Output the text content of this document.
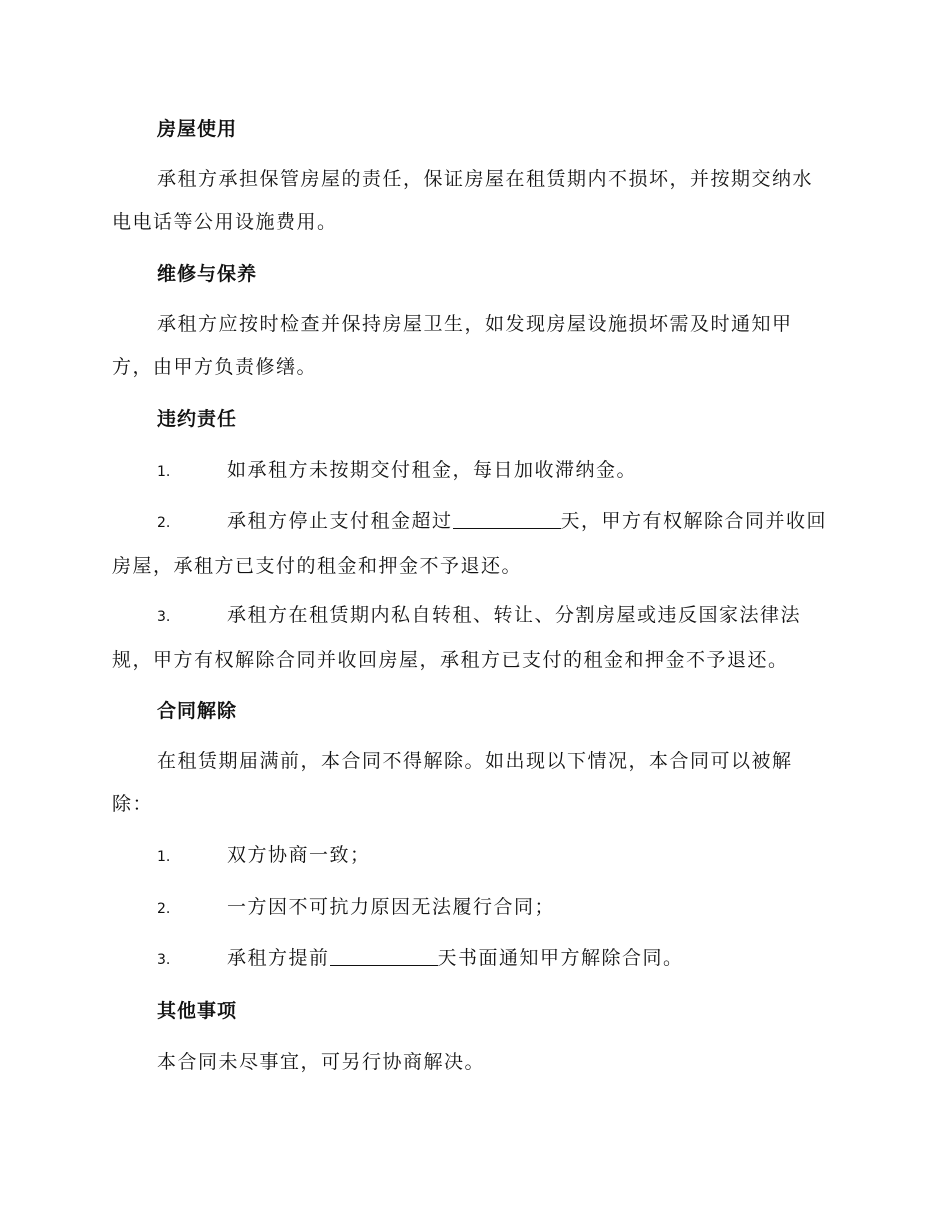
房屋使用
承租方承担保管房屋的责任，保证房屋在租赁期内不损坏，并按期交纳水电电话等公用设施费用。
维修与保养
承租方应按时检查并保持房屋卫生，如发现房屋设施损坏需及时通知甲方，由甲方负责修缮。
违约责任
1.	如承租方未按期交付租金，每日加收滞纳金。
2.	承租方停止支付租金超过	天，甲方有权解除合同并收回房屋，承租方已支付的租金和押金不予退还。
3.	承租方在租赁期内私自转租、转让、分割房屋或违反国家法律法规，甲方有权解除合同并收回房屋，承租方已支付的租金和押金不予退还。
合同解除
在租赁期届满前，本合同不得解除。如出现以下情况，本合同可以被解除：
1.	双方协商一致；
2.	一方因不可抗力原因无法履行合同；
3.	承租方提前	天书面通知甲方解除合同。
其他事项
本合同未尽事宜，可另行协商解决。
